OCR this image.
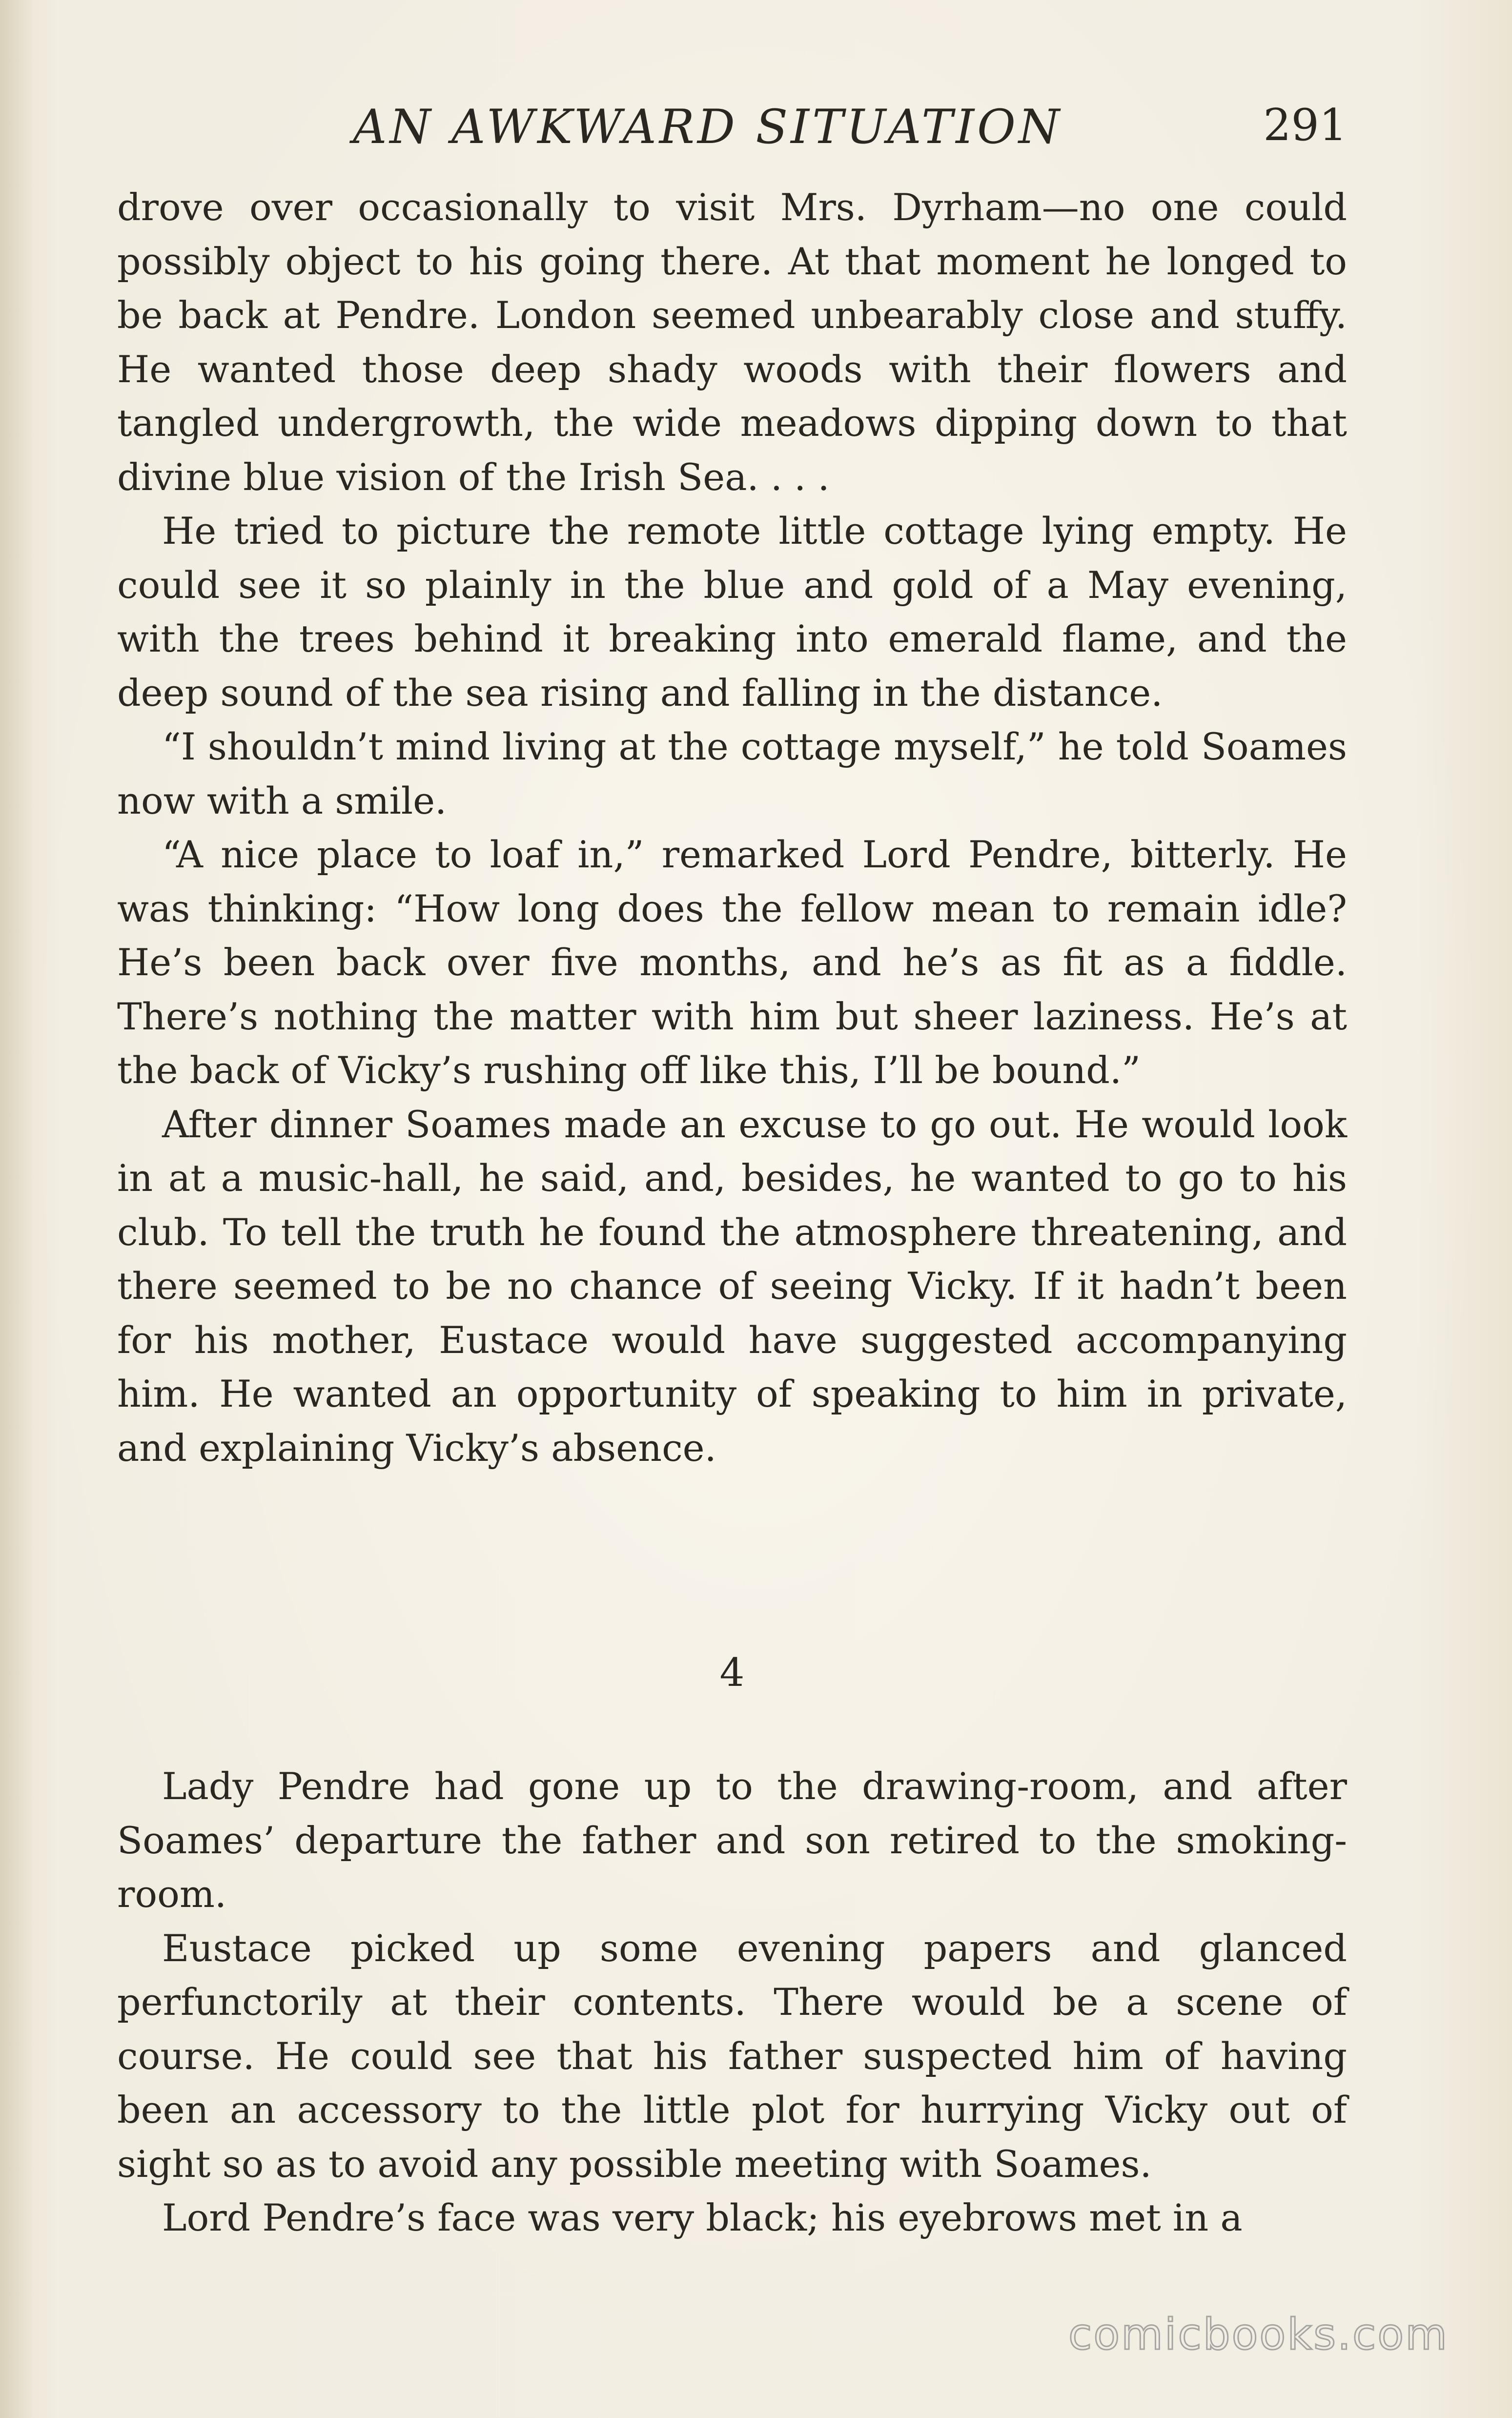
AN AWKWARD SITUATION	291

drove over occasionally to visit Mrs. Dyrham—no one could possibly object to his going there. At that moment he longed to be back at Pendre. London seemed unbearably close and stuffy. He wanted those deep shady woods with their flowers and tangled undergrowth, the wide meadows dipping down to that divine blue vision of the Irish Sea. . . .

He tried to picture the remote little cottage lying empty. He could see it so plainly in the blue and gold of a May evening, with the trees behind it breaking into emerald flame, and the deep sound of the sea rising and falling in the distance.

“I shouldn’t mind living at the cottage myself,” he told Soames now with a smile.

“A nice place to loaf in,” remarked Lord Pendre, bitterly. He was thinking: “How long does the fellow mean to remain idle? He’s been back over five months, and he’s as fit as a fiddle. There’s nothing the matter with him but sheer laziness. He’s at the back of Vicky’s rushing off like this, I’ll be bound.”

After dinner Soames made an excuse to go out. He would look in at a music-hall, he said, and, besides, he wanted to go to his club. To tell the truth he found the atmosphere threatening, and there seemed to be no chance of seeing Vicky. If it hadn’t been for his mother, Eustace would have suggested accompanying him. He wanted an opportunity of speaking to him in private, and explaining Vicky’s absence.

4

Lady Pendre had gone up to the drawing-room, and after Soames’ departure the father and son retired to the smoking-room.

Eustace picked up some evening papers and glanced perfunctorily at their contents. There would be a scene of course. He could see that his father suspected him of having been an accessory to the little plot for hurrying Vicky out of sight so as to avoid any possible meeting with Soames.

Lord Pendre’s face was very black; his eyebrows met in a

comicbooks.com
